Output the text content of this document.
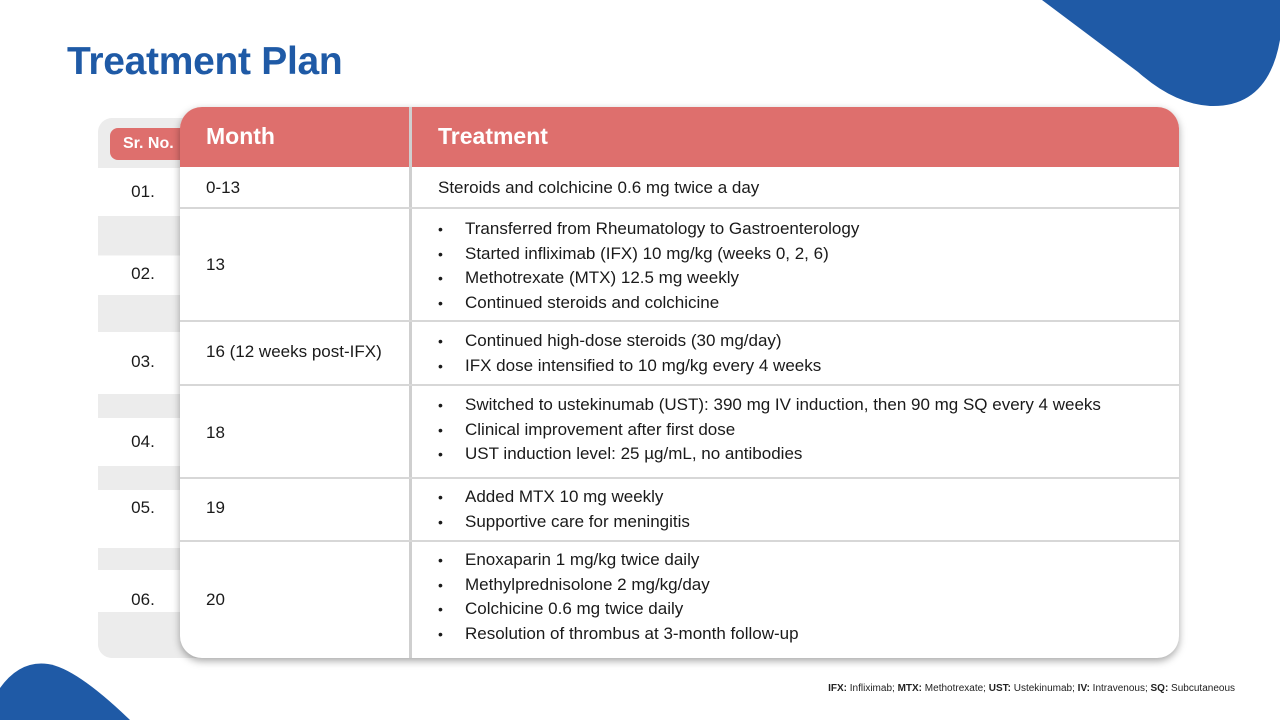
Treatment Plan
Sr. No.
01.
02.
03.
04.
05.
06.
Month	Treatment
0-13	Steroids and colchicine 0.6 mg twice a day
13
• Transferred from Rheumatology to Gastroenterology
• Started infliximab (IFX) 10 mg/kg (weeks 0, 2, 6)
• Methotrexate (MTX) 12.5 mg weekly
• Continued steroids and colchicine
16 (12 weeks post-IFX)
• Continued high-dose steroids (30 mg/day)
• IFX dose intensified to 10 mg/kg every 4 weeks
18
• Switched to ustekinumab (UST): 390 mg IV induction, then 90 mg SQ every 4 weeks
• Clinical improvement after first dose
• UST induction level: 25 µg/mL, no antibodies
19
• Added MTX 10 mg weekly
• Supportive care for meningitis
20
• Enoxaparin 1 mg/kg twice daily
• Methylprednisolone 2 mg/kg/day
• Colchicine 0.6 mg twice daily
• Resolution of thrombus at 3-month follow-up
IFX: Infliximab; MTX: Methotrexate; UST: Ustekinumab; IV: Intravenous; SQ: Subcutaneous
